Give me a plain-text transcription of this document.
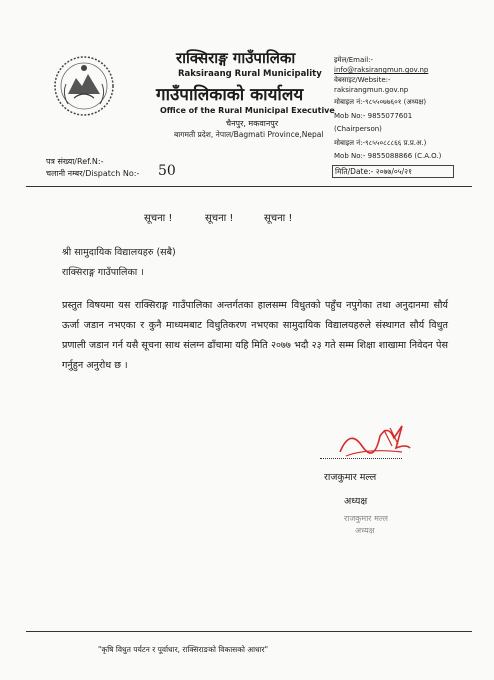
राक्सिराङ्ग गाउँपालिका
Raksiraang Rural Municipality
गाउँपालिकाको कार्यालय
Office of the Rural Municipal Executive
चैनपुर, मकवानपुर
बागमती प्रदेश, नेपाल/Bagmati Province,Nepal
इमेल/Email:-
info@raksirangmun.gov.np
वेबसाइट/Website:-
raksirangmun.gov.np
मोबाइल नं:-९८५५०७७६०१ (अध्यक्ष)
Mob No:- 9855077601
(Chairperson)
मोबाइल नं:-९८५५०८८८६६ प्र.प्र.अ.)
Mob No:- 9855088866 (C.A.O.)
मिति/Date:- २०७७/०५/२१
पत्र संख्या/Ref.N:-
चलानी नम्बर/Dispatch No:- 50
सूचना !	सूचना !	सूचना !
श्री सामुदायिक विद्यालयहरु (सबै)
राक्सिराङ्ग गाउँपालिका ।
प्रस्तुत विषयमा यस राक्सिराङ्ग गाउँपालिका अन्तर्गतका हालसम्म विधुतको पहुँच नपुगेका तथा अनुदानमा सौर्य ऊर्जा जडान नभएका र कुनै माध्यमबाट विधुतिकरण नभएका सामुदायिक विद्यालयहरुले संस्थागत सौर्य विधुत प्रणाली जडान गर्न यसै सूचना साथ संलग्न ढाँचामा यहि मिति २०७७ भदौ २३ गते सम्म शिक्षा शाखामा निवेदन पेस गर्नुहुन अनुरोध छ ।
राजकुमार मल्ल
अध्यक्ष
राजकुमार मल्ल
अध्यक्ष
"कृषि विधुत पर्यटन र पूर्वाधार, राक्सिराङको विकासको आधार"
